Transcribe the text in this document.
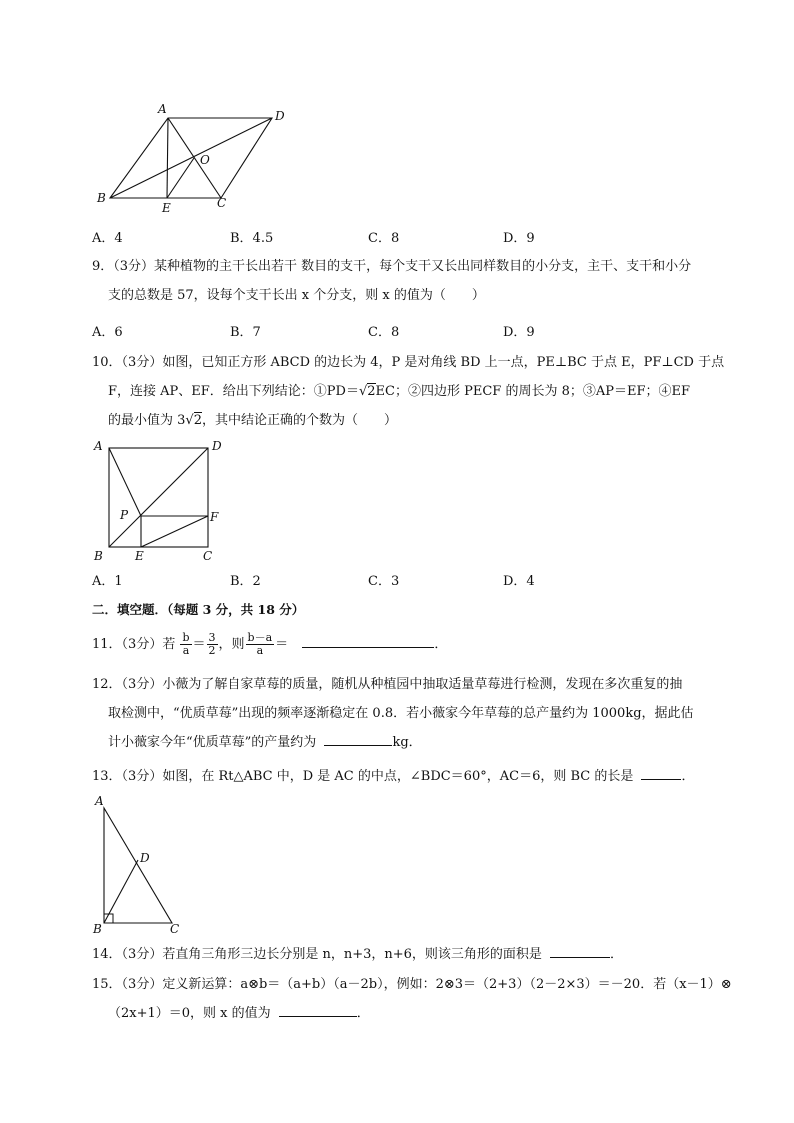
A	D
O
B
E	C
A．4	B．4.5	C．8	D．9
9．（3分）某种植物的主干长出若干 数目的支干，每个支干又长出同样数目的小分支，主干、支干和小分
支的总数是 57，设每个支干长出 x 个分支，则 x 的值为（　　）
A．6	B．7	C．8	D．9
10．（3分）如图，已知正方形 ABCD 的边长为 4，P 是对角线 BD 上一点，PE⊥BC 于点 E，PF⊥CD 于点
F，连接 AP、EF．给出下列结论：①PD＝√2EC；②四边形 PECF 的周长为 8；③AP＝EF；④EF
的最小值为 3√2，其中结论正确的个数为（　　）
A	D
P	F
B	E	C
A．1	B．2	C．3	D．4
二．填空题．（每题 3 分，共 18 分）
11．（3分）若 $\frac{b}{a} = \frac{3}{2}$ ，则 $\frac{b-a}{a}$ ＝	．
12．（3分）小薇为了解自家草莓的质量，随机从种植园中抽取适量草莓进行检测，发现在多次重复的抽
取检测中，“优质草莓”出现的频率逐渐稳定在 0.8．若小薇家今年草莓的总产量约为 1000kg，据此估
计小薇家今年“优质草莓”的产量约为	kg．
13．（3分）如图，在 Rt△ABC 中，D 是 AC 的中点，∠BDC＝60°，AC＝6，则 BC 的长是	．
A
D
B	C
14．（3分）若直角三角形三边长分别是 n，n+3，n+6，则该三角形的面积是	．
15．（3分）定义新运算：a⊗b＝（a+b）（a－2b），例如：2⊗3＝（2+3）（2－2×3）＝－20．若（x－1）⊗
（2x+1）＝0，则 x 的值为	．
